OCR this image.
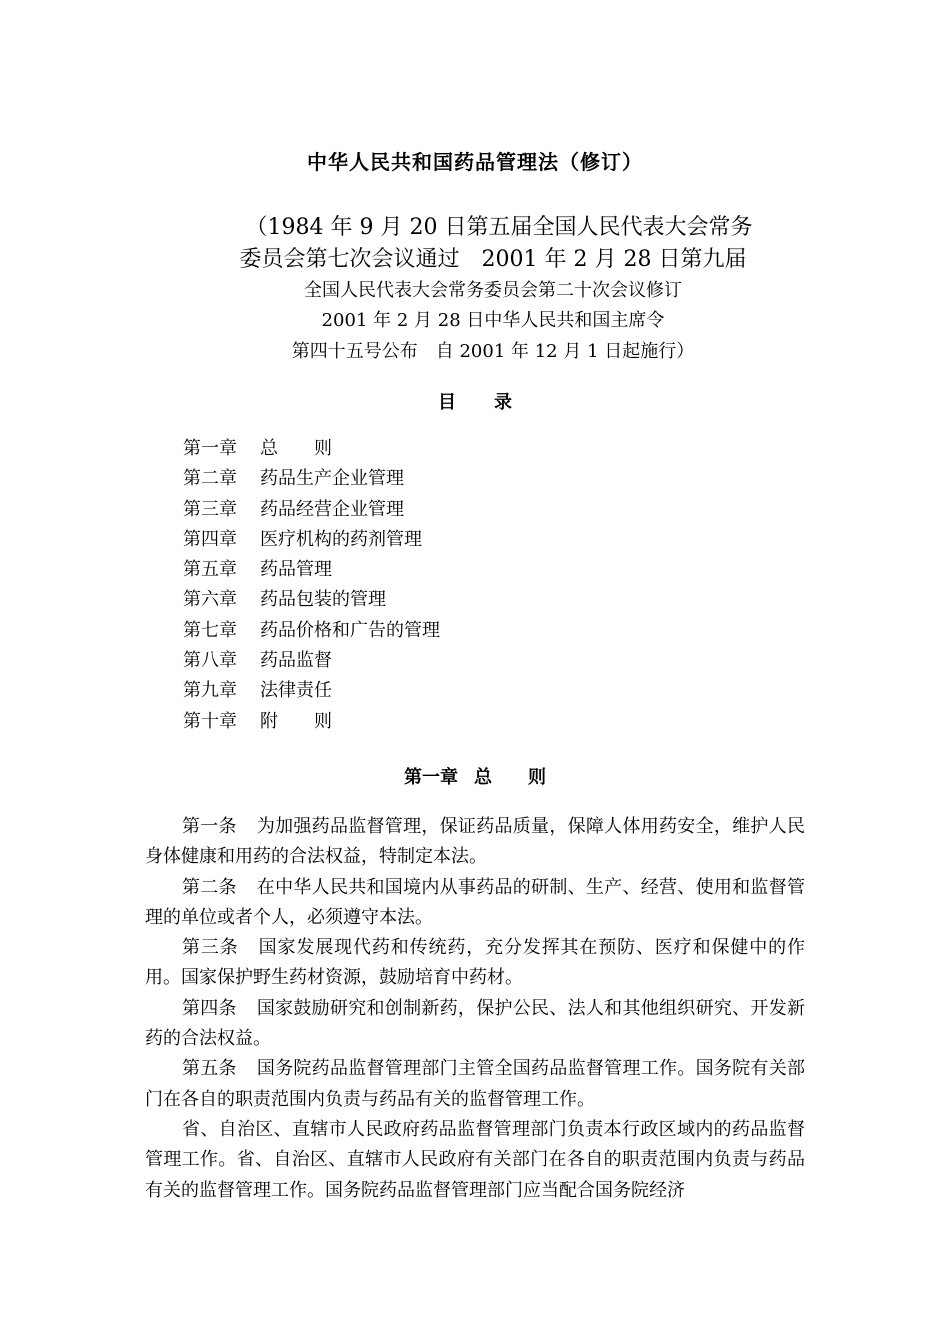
中华人民共和国药品管理法（修订）
（1984 年 9 月 20 日第五届全国人民代表大会常务
委员会第七次会议通过　2001 年 2 月 28 日第九届
全国人民代表大会常务委员会第二十次会议修订
2001 年 2 月 28 日中华人民共和国主席令
第四十五号公布　自 2001 年 12 月 1 日起施行）
目 录
第一章 总　　则
第二章 药品生产企业管理
第三章 药品经营企业管理
第四章 医疗机构的药剂管理
第五章 药品管理
第六章 药品包装的管理
第七章 药品价格和广告的管理
第八章 药品监督
第九章 法律责任
第十章 附　　则
第一章 总　　则

第一条 为加强药品监督管理，保证药品质量，保障人体用药安全，维护人民身体健康和用药的合法权益，特制定本法。

第二条 在中华人民共和国境内从事药品的研制、生产、经营、使用和监督管理的单位或者个人，必须遵守本法。

第三条 国家发展现代药和传统药，充分发挥其在预防、医疗和保健中的作用。国家保护野生药材资源，鼓励培育中药材。

第四条 国家鼓励研究和创制新药，保护公民、法人和其他组织研究、开发新药的合法权益。

第五条 国务院药品监督管理部门主管全国药品监督管理工作。国务院有关部门在各自的职责范围内负责与药品有关的监督管理工作。

省、自治区、直辖市人民政府药品监督管理部门负责本行政区域内的药品监督管理工作。省、自治区、直辖市人民政府有关部门在各自的职责范围内负责与药品有关的监督管理工作。国务院药品监督管理部门应当配合国务院经济
